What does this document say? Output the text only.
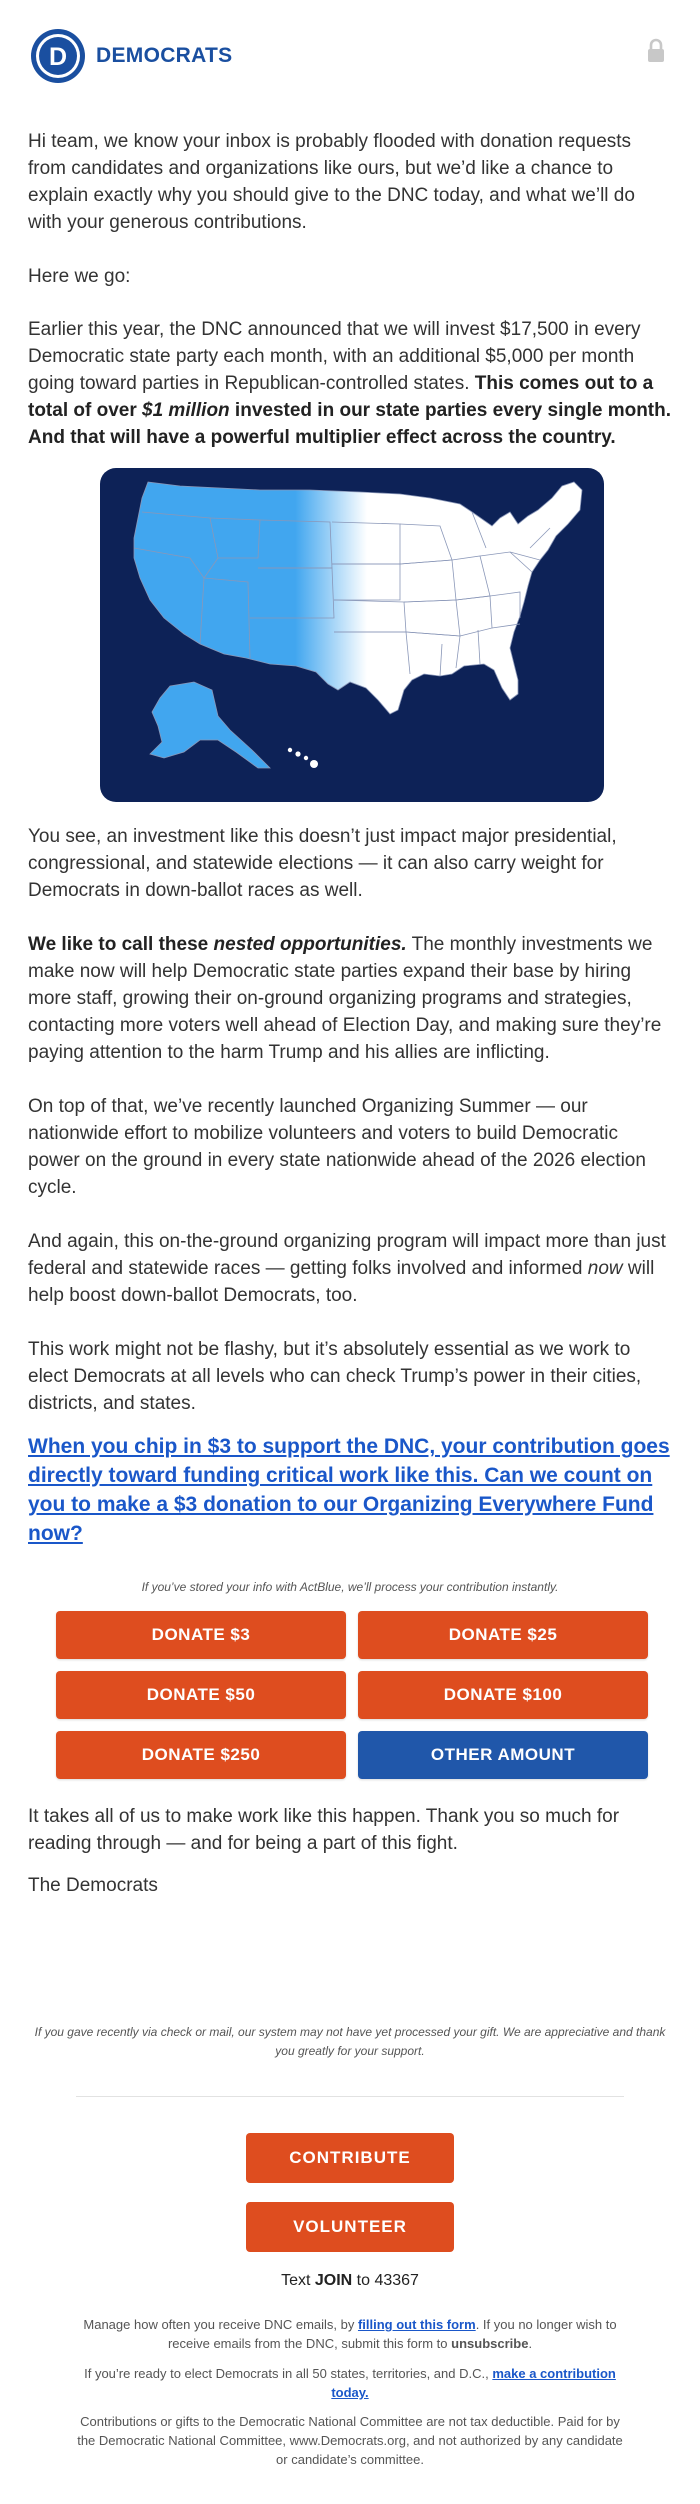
D DEMOCRATS

Hi team, we know your inbox is probably flooded with donation requests from candidates and organizations like ours, but we’d like a chance to explain exactly why you should give to the DNC today, and what we’ll do with your generous contributions.

Here we go:

Earlier this year, the DNC announced that we will invest $17,500 in every Democratic state party each month, with an additional $5,000 per month going toward parties in Republican-controlled states. This comes out to a total of over $1 million invested in our state parties every single month. And that will have a powerful multiplier effect across the country.

You see, an investment like this doesn’t just impact major presidential, congressional, and statewide elections — it can also carry weight for Democrats in down-ballot races as well.

We like to call these nested opportunities. The monthly investments we make now will help Democratic state parties expand their base by hiring more staff, growing their on-ground organizing programs and strategies, contacting more voters well ahead of Election Day, and making sure they’re paying attention to the harm Trump and his allies are inflicting.

On top of that, we’ve recently launched Organizing Summer — our nationwide effort to mobilize volunteers and voters to build Democratic power on the ground in every state nationwide ahead of the 2026 election cycle.

And again, this on-the-ground organizing program will impact more than just federal and statewide races — getting folks involved and informed now will help boost down-ballot Democrats, too.

This work might not be flashy, but it’s absolutely essential as we work to elect Democrats at all levels who can check Trump’s power in their cities, districts, and states.

When you chip in $3 to support the DNC, your contribution goes directly toward funding critical work like this. Can we count on you to make a $3 donation to our Organizing Everywhere Fund now?
If you’ve stored your info with ActBlue, we’ll process your contribution instantly.
DONATE $3	DONATE $25
DONATE $50	DONATE $100
DONATE $250	OTHER AMOUNT

It takes all of us to make work like this happen. Thank you so much for reading through — and for being a part of this fight.

The Democrats

If you gave recently via check or mail, our system may not have yet processed your gift. We are appreciative and thank you greatly for your support.
CONTRIBUTE
VOLUNTEER
Text JOIN to 43367
Manage how often you receive DNC emails, by filling out this form. If you no longer wish to receive emails from the DNC, submit this form to unsubscribe.
If you’re ready to elect Democrats in all 50 states, territories, and D.C., make a contribution today.
Contributions or gifts to the Democratic National Committee are not tax deductible. Paid for by the Democratic National Committee, www.Democrats.org, and not authorized by any candidate or candidate’s committee.
